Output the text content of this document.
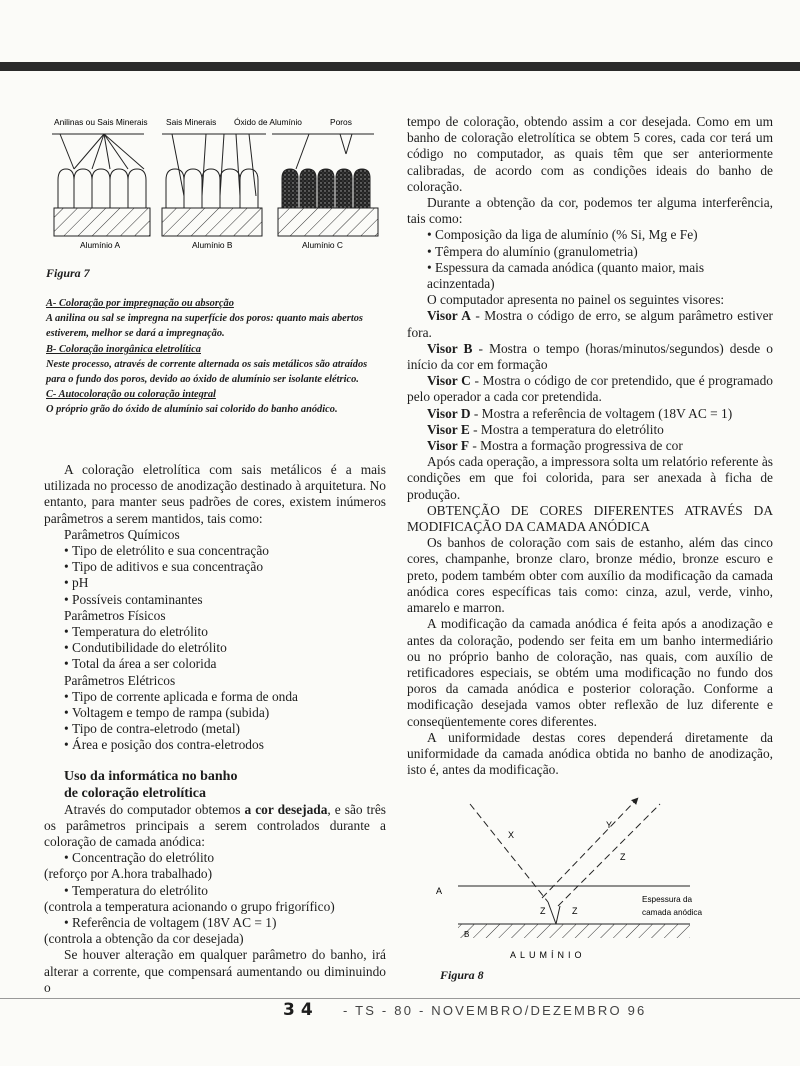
Anilinas ou Sais Minerais Sais Minerais Óxido de Alumínio	Poros
Alumínio A	Alumínio B	Alumínio C
Figura 7
A- Coloração por impregnação ou absorção
A anilina ou sal se impregna na superfície dos poros: quanto mais abertos estiverem, melhor se dará a impregnação.
B- Coloração inorgânica eletrolítica
Neste processo, através de corrente alternada os sais metálicos são atraídos para o fundo dos poros, devido ao óxido de alumínio ser isolante elétrico.
C- Autocoloração ou coloração integral
O próprio grão do óxido de alumínio sai colorido do banho anódico.

A coloração eletrolítica com sais metálicos é a mais utilizada no processo de anodização destinado à arquitetura. No entanto, para manter seus padrões de cores, existem inúmeros parâmetros a serem mantidos, tais como:

Parâmetros Químicos
• Tipo de eletrólito e sua concentração
• Tipo de aditivos e sua concentração
• pH
• Possíveis contaminantes
Parâmetros Físicos
• Temperatura do eletrólito
• Condutibilidade do eletrólito
• Total da área a ser colorida
Parâmetros Elétricos
• Tipo de corrente aplicada e forma de onda
• Voltagem e tempo de rampa (subida)
• Tipo de contra-eletrodo (metal)
• Área e posição dos contra-eletrodos
Uso da informática no banho
de coloração eletrolítica

Através do computador obtemos a cor desejada, e são três os parâmetros principais a serem controlados durante a coloração de camada anódica:

• Concentração do eletrólito
(reforço por A.hora trabalhado)
• Temperatura do eletrólito
(controla a temperatura acionando o grupo frigorífico)
• Referência de voltagem (18V AC = 1)
(controla a obtenção da cor desejada)

Se houver alteração em qualquer parâmetro do banho, irá alterar a corrente, que compensará aumentando ou diminuindo o

tempo de coloração, obtendo assim a cor desejada. Como em um banho de coloração eletrolítica se obtem 5 cores, cada cor terá um código no computador, as quais têm que ser anteriormente calibradas, de acordo com as condições ideais do banho de coloração.

Durante a obtenção da cor, podemos ter alguma interferência, tais como:

• Composição da liga de alumínio (% Si, Mg e Fe)
• Têmpera do alumínio (granulometria)
• Espessura da camada anódica (quanto maior, mais acinzentada)

O computador apresenta no painel os seguintes visores:

Visor A - Mostra o código de erro, se algum parâmetro estiver fora.

Visor B - Mostra o tempo (horas/minutos/segundos) desde o início da cor em formação

Visor C - Mostra o código de cor pretendido, que é programado pelo operador a cada cor pretendida.

Visor D - Mostra a referência de voltagem (18V AC = 1)

Visor E - Mostra a temperatura do eletrólito

Visor F - Mostra a formação progressiva de cor

Após cada operação, a impressora solta um relatório referente às condições em que foi colorida, para ser anexada à ficha de produção.

OBTENÇÃO DE CORES DIFERENTES ATRAVÉS DA MODIFICAÇÃO DA CAMADA ANÓDICA

Os banhos de coloração com sais de estanho, além das cinco cores, champanhe, bronze claro, bronze médio, bronze escuro e preto, podem também obter com auxílio da modificação da camada anódica cores específicas tais como: cinza, azul, verde, vinho, amarelo e marron.

A modificação da camada anódica é feita após a anodização e antes da coloração, podendo ser feita em um banho intermediário ou no próprio banho de coloração, nas quais, com auxílio de retificadores especiais, se obtém uma modificação no fundo dos poros da camada anódica e posterior coloração. Conforme a modificação desejada vamos obter reflexão de luz diferente e conseqüentemente cores diferentes.

A uniformidade destas cores dependerá diretamente da uniformidade da camada anódica obtida no banho de anodização, isto é, antes da modificação.

A
B
X
Y
Z
Z	Z
Espessura da
camada anódica
ALUMÍNIO
Figura 8
34 - TS - 80 - NOVEMBRO/DEZEMBRO 96
